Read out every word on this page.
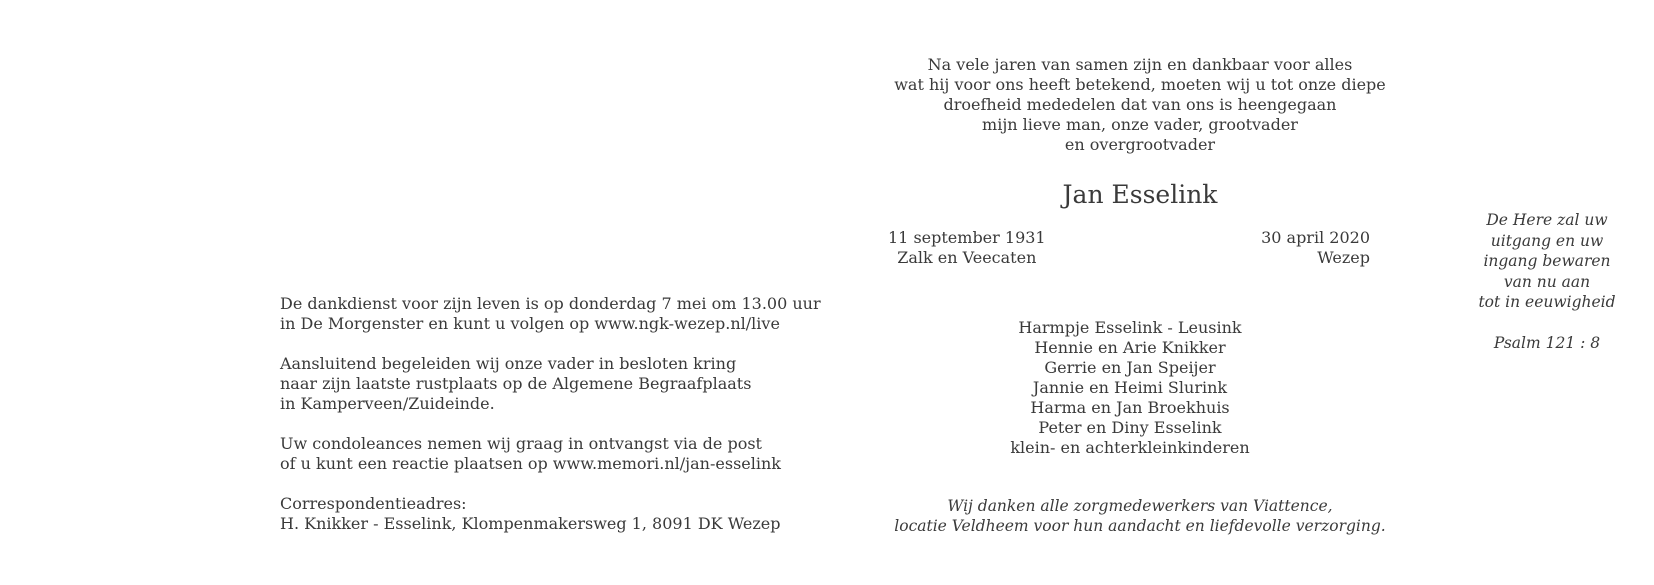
Na vele jaren van samen zijn en dankbaar voor alles
wat hij voor ons heeft betekend, moeten wij u tot onze diepe
droefheid mededelen dat van ons is heengegaan
mijn lieve man, onze vader, grootvader
en overgrootvader
Jan Esselink
11 september 1931
Zalk en Veecaten
30 april 2020
Wezep
Harmpje Esselink - Leusink
Hennie en Arie Knikker
Gerrie en Jan Speijer
Jannie en Heimi Slurink
Harma en Jan Broekhuis
Peter en Diny Esselink
klein- en achterkleinkinderen
Wij danken alle zorgmedewerkers van Viattence,
locatie Veldheem voor hun aandacht en liefdevolle verzorging.
De Here zal uw
uitgang en uw
ingang bewaren
van nu aan
tot in eeuwigheid
Psalm 121 : 8
De dankdienst voor zijn leven is op donderdag 7 mei om 13.00 uur
in De Morgenster en kunt u volgen op www.ngk-wezep.nl/live
Aansluitend begeleiden wij onze vader in besloten kring
naar zijn laatste rustplaats op de Algemene Begraafplaats
in Kamperveen/Zuideinde.
Uw condoleances nemen wij graag in ontvangst via de post
of u kunt een reactie plaatsen op www.memori.nl/jan-esselink
Correspondentieadres:
H. Knikker - Esselink, Klompenmakersweg 1, 8091 DK Wezep
